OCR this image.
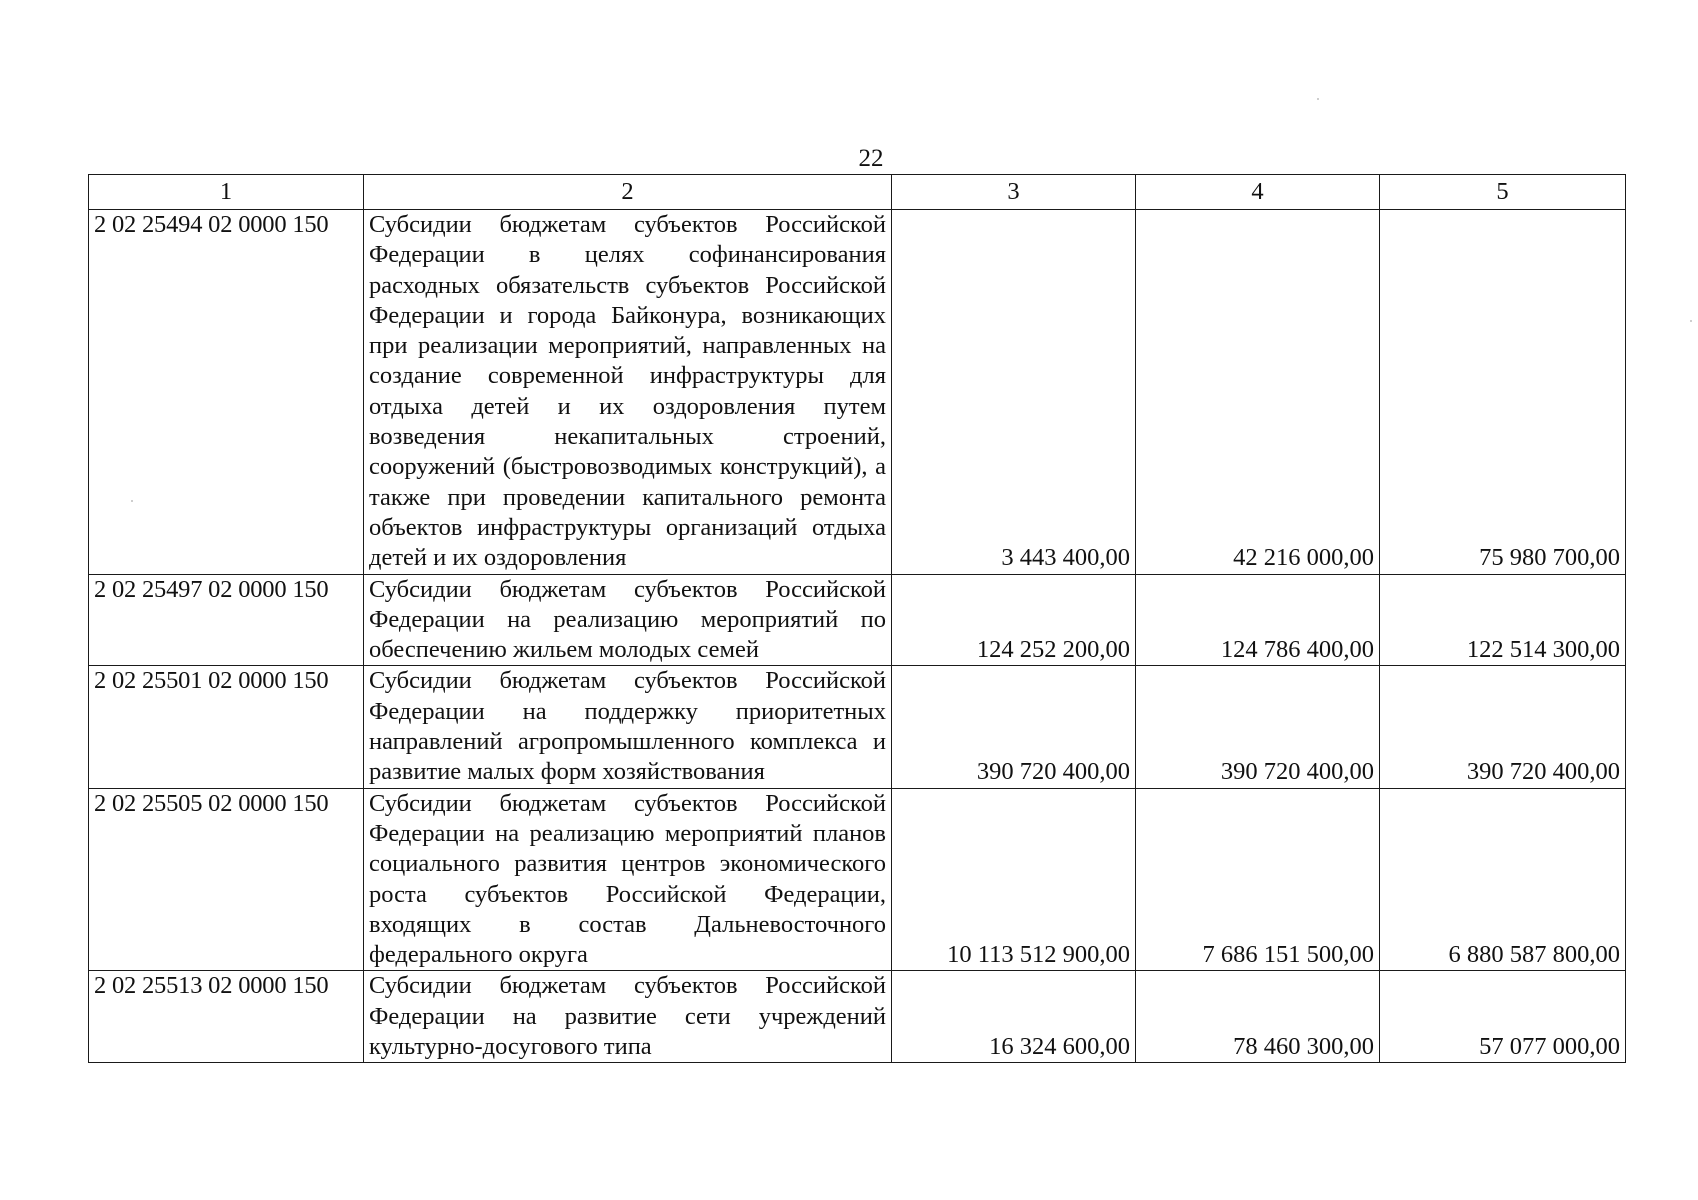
22
1	2	3	4	5
2 02 25494 02 0000 150	Субсидии бюджетам субъектов Российской Федерации в целях софинансирования расходных обязательств субъектов Российской Федерации и города Байконура, возникающих при реализации мероприятий, направленных на создание современной инфраструктуры для отдыха детей и их оздоровления путем возведения некапитальных строений, сооружений (быстровозводимых конструкций), а также при проведении капитального ремонта объектов инфраструктуры организаций отдыха детей и их оздоровления	3 443 400,00	42 216 000,00	75 980 700,00
2 02 25497 02 0000 150	Субсидии бюджетам субъектов Российской Федерации на реализацию мероприятий по обеспечению жильем молодых семей	124 252 200,00	124 786 400,00	122 514 300,00
2 02 25501 02 0000 150	Субсидии бюджетам субъектов Российской Федерации на поддержку приоритетных направлений агропромышленного комплекса и развитие малых форм хозяйствования	390 720 400,00	390 720 400,00	390 720 400,00
2 02 25505 02 0000 150	Субсидии бюджетам субъектов Российской Федерации на реализацию мероприятий планов социального развития центров экономического роста субъектов Российской Федерации, входящих в состав Дальневосточного федерального округа	10 113 512 900,00	7 686 151 500,00	6 880 587 800,00
2 02 25513 02 0000 150	Субсидии бюджетам субъектов Российской Федерации на развитие сети учреждений культурно-досугового типа	16 324 600,00	78 460 300,00	57 077 000,00
